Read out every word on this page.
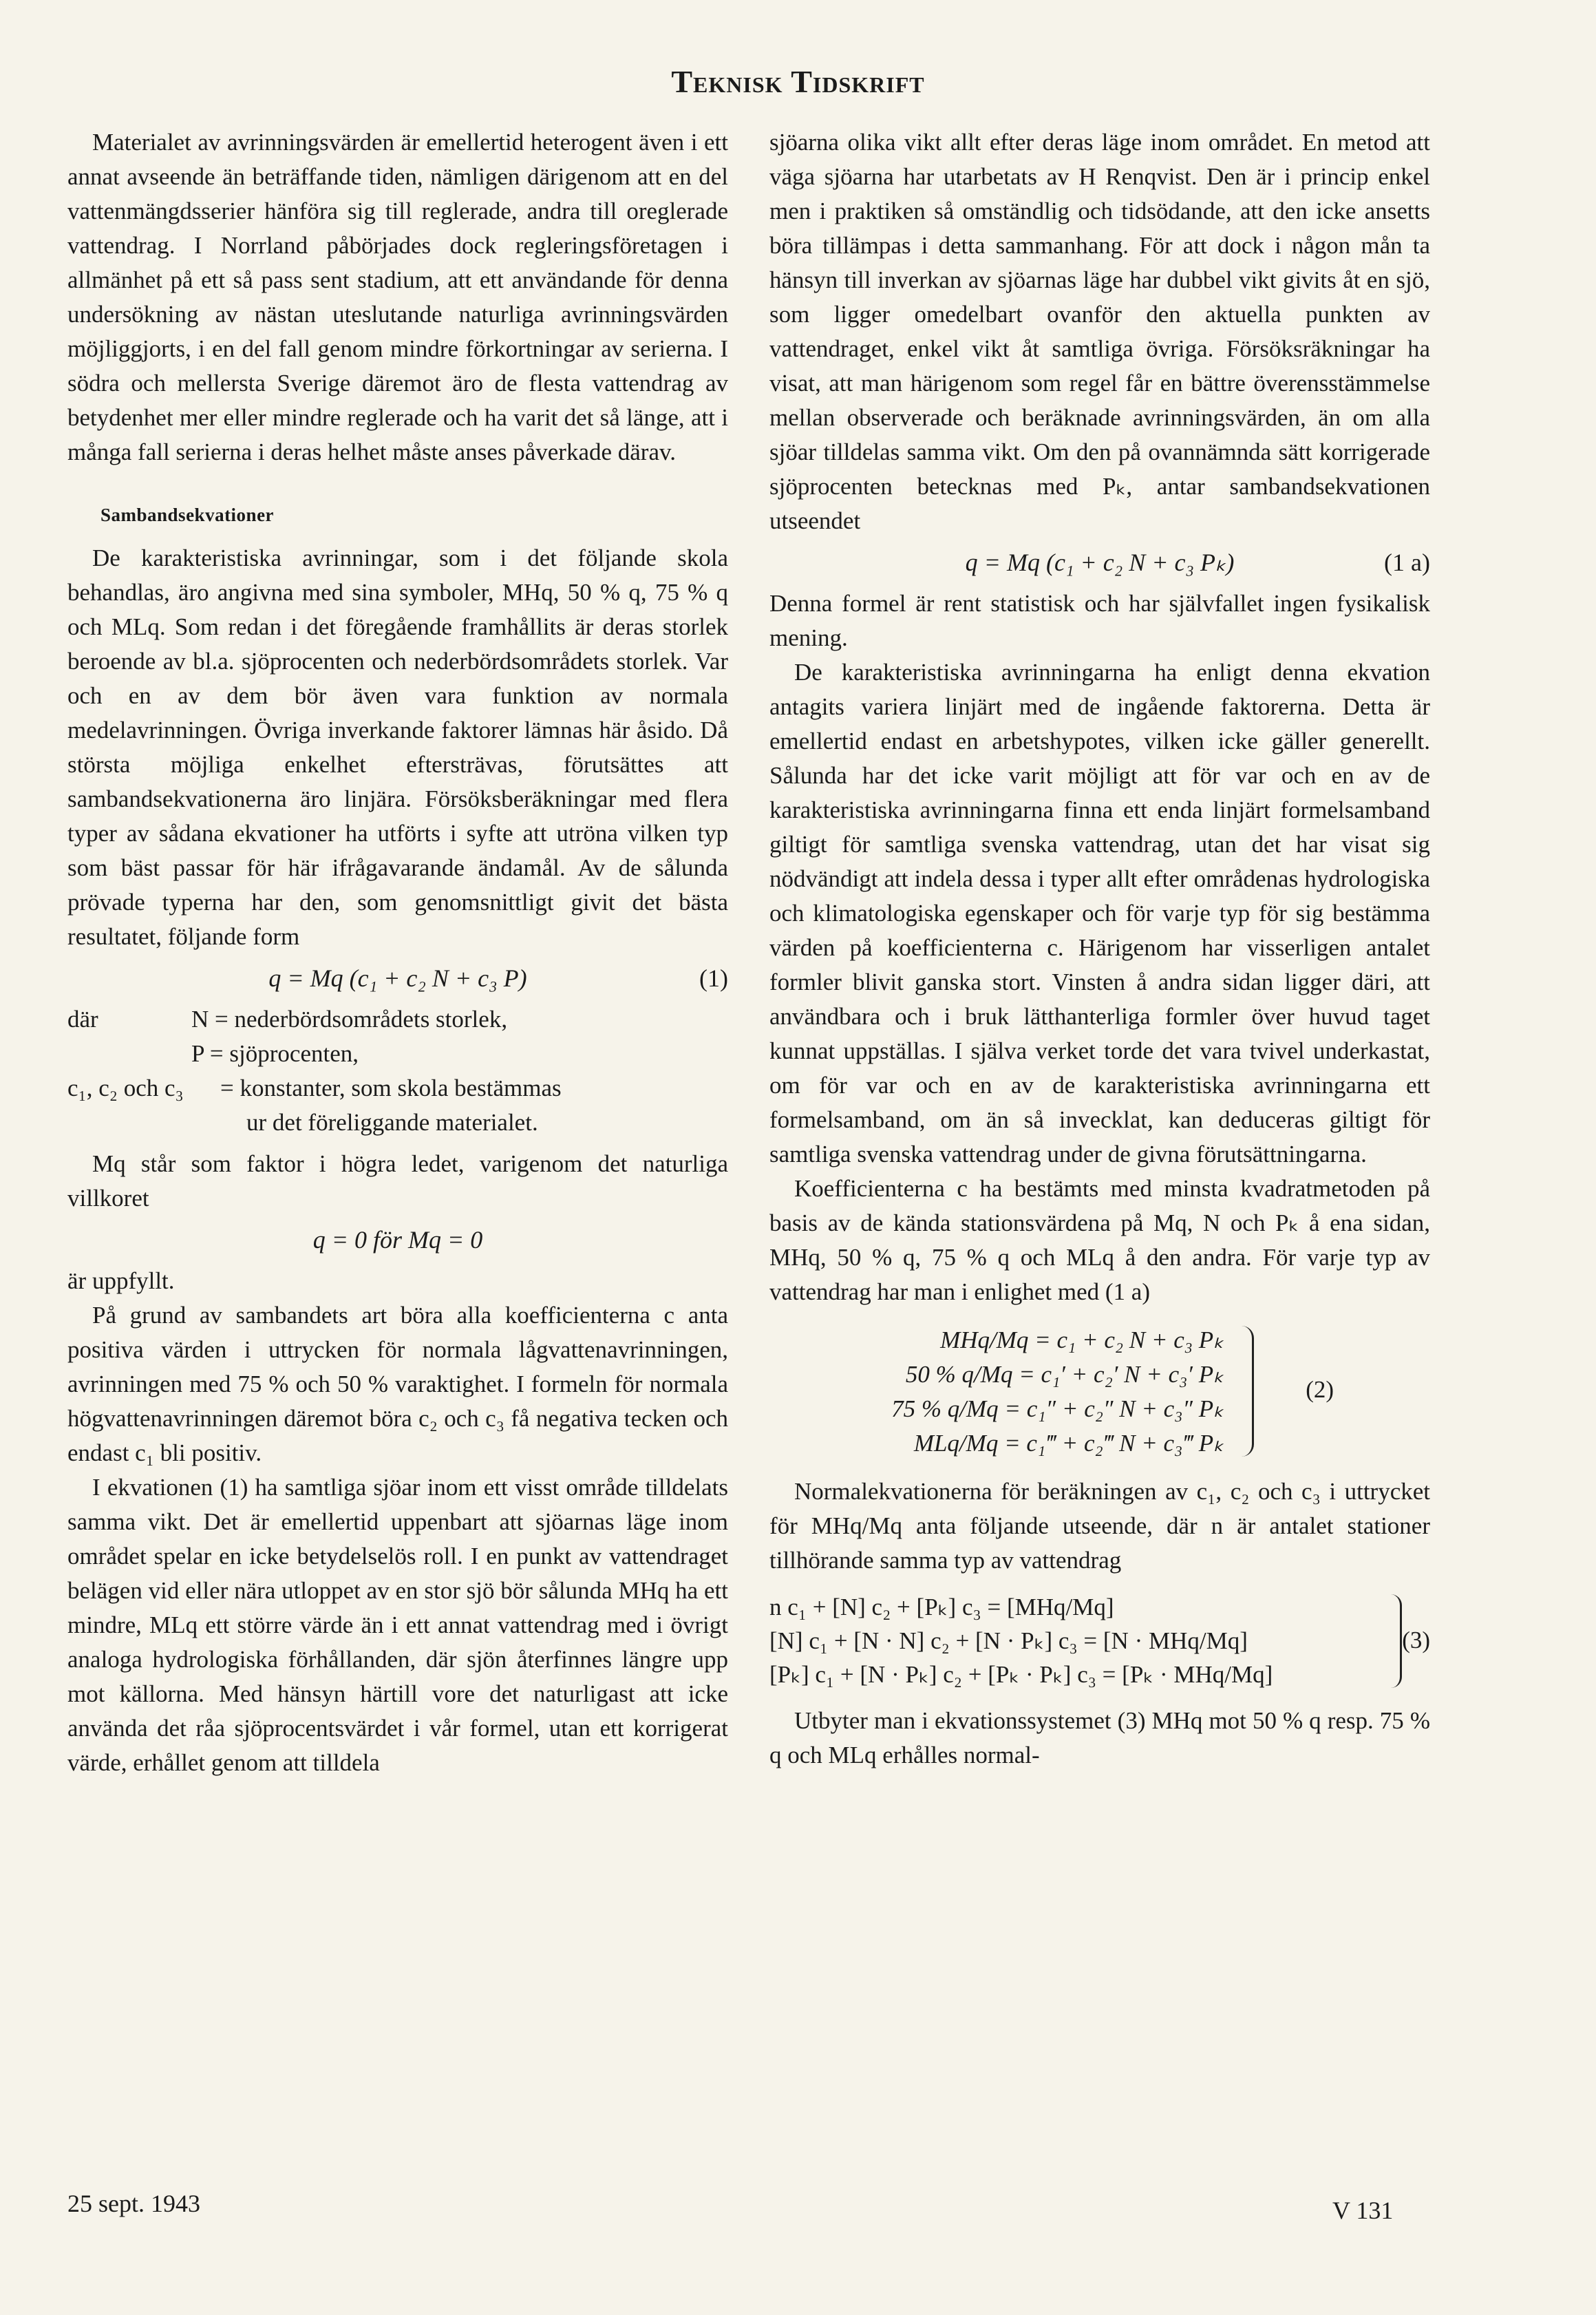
Teknisk Tidskrift

Materialet av avrinningsvärden är emellertid heterogent även i ett annat avseende än beträffande tiden, nämligen därigenom att en del vattenmängdsserier hänföra sig till reglerade, andra till oreglerade vattendrag. I Norrland påbörjades dock regleringsföretagen i allmänhet på ett så pass sent stadium, att ett användande för denna undersökning av nästan uteslutande naturliga avrinningsvärden möjliggjorts, i en del fall genom mindre förkortningar av serierna. I södra och mellersta Sverige däremot äro de flesta vattendrag av betydenhet mer eller mindre reglerade och ha varit det så länge, att i många fall serierna i deras helhet måste anses påverkade därav.

Sambandsekvationer

De karakteristiska avrinningar, som i det följande skola behandlas, äro angivna med sina symboler, MHq, 50 % q, 75 % q och MLq. Som redan i det föregående framhållits är deras storlek beroende av bl.a. sjöprocenten och nederbördsområdets storlek. Var och en av dem bör även vara funktion av normala medelavrinningen. Övriga inverkande faktorer lämnas här åsido. Då största möjliga enkelhet eftersträvas, förutsättes att sambandsekvationerna äro linjära. Försöksberäkningar med flera typer av sådana ekvationer ha utförts i syfte att utröna vilken typ som bäst passar för här ifrågavarande ändamål. Av de sålunda prövade typerna har den, som genomsnittligt givit det bästa resultatet, följande form

q = Mq (c₁ + c₂ N + c₃ P)	(1)
där	N = nederbördsområdets storlek,
P = sjöprocenten,
c₁, c₂ och c₃ = konstanter, som skola bestämmas
ur det föreliggande materialet.

Mq står som faktor i högra ledet, varigenom det naturliga villkoret

q = 0 för Mq = 0

är uppfyllt.

På grund av sambandets art böra alla koefficienterna c anta positiva värden i uttrycken för normala lågvattenavrinningen, avrinningen med 75 % och 50 % varaktighet. I formeln för normala högvattenavrinningen däremot böra c₂ och c₃ få negativa tecken och endast c₁ bli positiv.

I ekvationen (1) ha samtliga sjöar inom ett visst område tilldelats samma vikt. Det är emellertid uppenbart att sjöarnas läge inom området spelar en icke betydelselös roll. I en punkt av vattendraget belägen vid eller nära utloppet av en stor sjö bör sålunda MHq ha ett mindre, MLq ett större värde än i ett annat vattendrag med i övrigt analoga hydrologiska förhållanden, där sjön återfinnes längre upp mot källorna. Med hänsyn härtill vore det naturligast att icke använda det råa sjöprocentsvärdet i vår formel, utan ett korrigerat värde, erhållet genom att tilldela

sjöarna olika vikt allt efter deras läge inom området. En metod att väga sjöarna har utarbetats av H Renqvist. Den är i princip enkel men i praktiken så omständlig och tidsödande, att den icke ansetts böra tillämpas i detta sammanhang. För att dock i någon mån ta hänsyn till inverkan av sjöarnas läge har dubbel vikt givits åt en sjö, som ligger omedelbart ovanför den aktuella punkten av vattendraget, enkel vikt åt samtliga övriga. Försöksräkningar ha visat, att man härigenom som regel får en bättre överensstämmelse mellan observerade och beräknade avrinningsvärden, än om alla sjöar tilldelas samma vikt. Om den på ovannämnda sätt korrigerade sjöprocenten betecknas med Pₖ, antar sambandsekvationen utseendet

q = Mq (c₁ + c₂ N + c₃ Pₖ)	(1 a)

Denna formel är rent statistisk och har självfallet ingen fysikalisk mening.

De karakteristiska avrinningarna ha enligt denna ekvation antagits variera linjärt med de ingående faktorerna. Detta är emellertid endast en arbetshypotes, vilken icke gäller generellt. Sålunda har det icke varit möjligt att för var och en av de karakteristiska avrinningarna finna ett enda linjärt formelsamband giltigt för samtliga svenska vattendrag, utan det har visat sig nödvändigt att indela dessa i typer allt efter områdenas hydrologiska och klimatologiska egenskaper och för varje typ för sig bestämma värden på koefficienterna c. Härigenom har visserligen antalet formler blivit ganska stort. Vinsten å andra sidan ligger däri, att användbara och i bruk lätthanterliga formler över huvud taget kunnat uppställas. I själva verket torde det vara tvivel underkastat, om för var och en av de karakteristiska avrinningarna ett formelsamband, om än så invecklat, kan deduceras giltigt för samtliga svenska vattendrag under de givna förutsättningarna.

Koefficienterna c ha bestämts med minsta kvadratmetoden på basis av de kända stationsvärdena på Mq, N och Pₖ å ena sidan, MHq, 50 % q, 75 % q och MLq å den andra. För varje typ av vattendrag har man i enlighet med (1 a)

MHq/Mq = c₁ + c₂ N + c₃ Pₖ
50 % q/Mq = c₁′ + c₂′ N + c₃′ Pₖ
75 % q/Mq = c₁″ + c₂″ N + c₃″ Pₖ
MLq/Mq = c₁‴ + c₂‴ N + c₃‴ Pₖ
(2)

Normalekvationerna för beräkningen av c₁, c₂ och c₃ i uttrycket för MHq/Mq anta följande utseende, där n är antalet stationer tillhörande samma typ av vattendrag

n c₁ + [N] c₂ + [Pₖ] c₃ = [MHq/Mq]
[N] c₁ + [N · N] c₂ + [N · Pₖ] c₃ = [N · MHq/Mq]
[Pₖ] c₁ + [N · Pₖ] c₂ + [Pₖ · Pₖ] c₃ = [Pₖ · MHq/Mq]
(3)

Utbyter man i ekvationssystemet (3) MHq mot 50 % q resp. 75 % q och MLq erhålles normal-

25 sept. 1943	V 131
